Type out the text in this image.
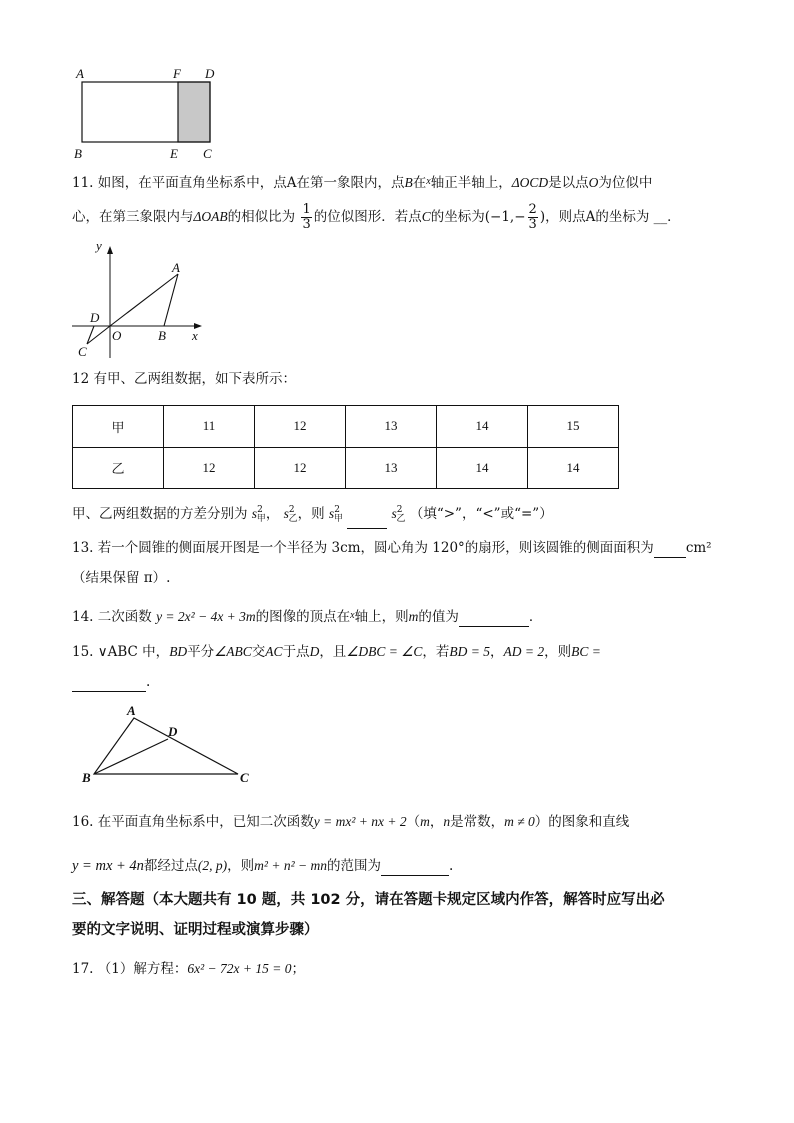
A	F D
B	E C
11. 如图，在平面直角坐标系中，点A在第一象限内，点B在$^x$轴正半轴上，ΔOCD是以点O为位似中
心，在第三象限内与ΔOAB的相似比为 $\frac{1}{3}$ 的位似图形．若点C的坐标为($-1,- \frac{2}{3}$ )，则点A的坐标为 __．
y
A
D
O	B x
C
12 有甲、乙两组数据，如下表所示：
甲	11	12	13	14	15
乙	12	12	13	14	14
甲、乙两组数据的方差分别为 $s^2_甲$， $s^2_乙$，则 $s^2_甲$	$s^2_乙$ （填“>”，“<”或“=”）
13. 若一个圆锥的侧面展开图是一个半径为 3cm，圆心角为 120°的扇形，则该圆锥的侧面面积为 cm²
（结果保留 π）.
14. 二次函数 y = 2x² − 4x + 3m的图像的顶点在$^x$轴上，则m的值为	．
15. ∨ABC 中，BD平分∠ABC交AC于点D，且∠DBC = ∠C，若BD = 5，AD = 2，则BC =
.
A
D
B	C
16. 在平面直角坐标系中，已知二次函数y = mx² + nx + 2（m，n是常数，m ≠ 0）的图象和直线
y = mx + 4n都经过点(2, p)，则m² + n² − mn的范围为	.
三、解答题（本大题共有 10 题，共 102 分，请在答题卡规定区域内作答，解答时应写出必
要的文字说明、证明过程或演算步骤）
17. （1）解方程：6x² − 72x + 15 = 0；
